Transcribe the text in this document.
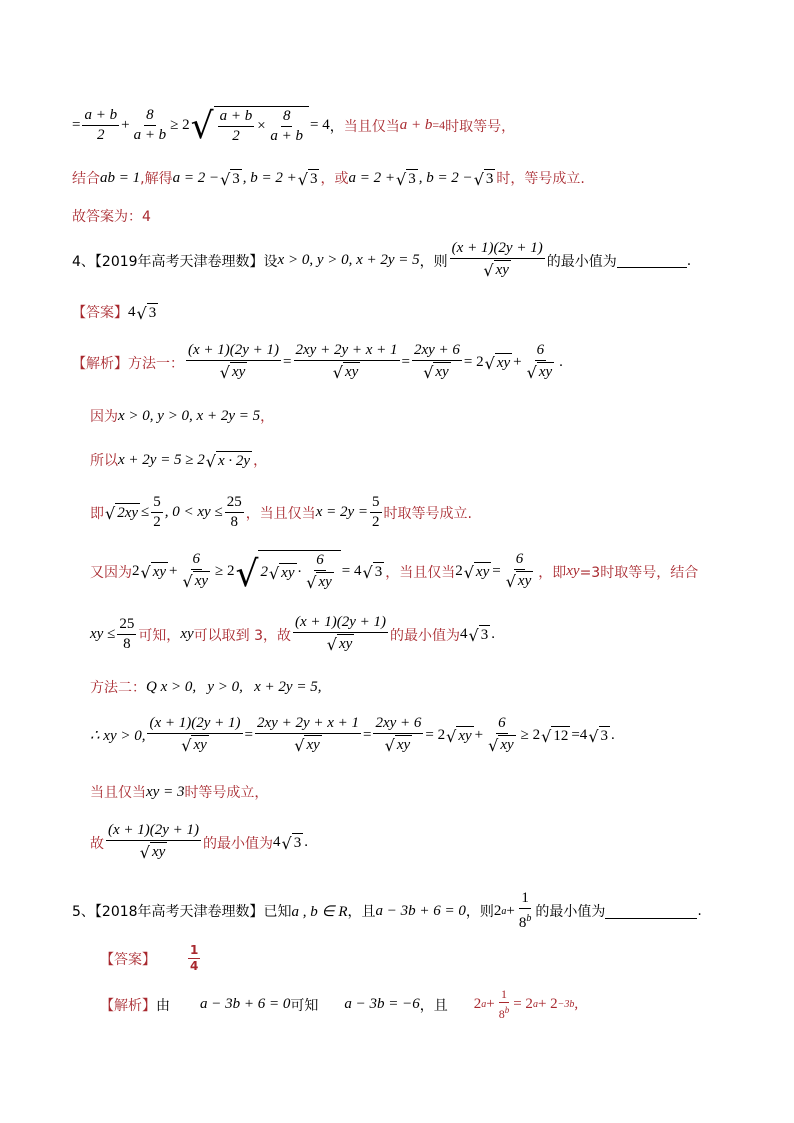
= $\frac{a + b}{2} + \frac{8}{a + b} \ge 2$ √ $\frac{a + b}{2} \times \frac{8}{a + b} = 4$ ， 当且仅当 a + b =4 时取等号，
结合 ab = 1 ,解得 a = 2 − √ 3 , b = 2 + √ 3 ，或 a = 2 + √ 3 , b = 2 − √ 3 时，等号成立.
故答案为：4
4、【2019年高考天津卷理数】设 x > 0, y > 0, x + 2y = 5 ，则 $\frac{(x + 1)(2y + 1)}{√ xy}$ 的最小值为	.
【答案】 4 √ 3
【解析】 方法一： $\frac{(x + 1)(2y + 1)}{√ xy} = \frac{2xy + 2y + x + 1}{√ xy} = \frac{2xy + 6}{√ xy} = 2$ √ xy + $\frac{6}{√ xy}$ .
因为 x > 0, y > 0, x + 2y = 5 ，
所以 x + 2y = 5 ≥ 2 √ x · 2y ，
即 √ $2xy \le \frac{5}{2}$ , 0 < xy ≤ $\frac{25}{8}$ ，当且仅当 $x = 2y = \frac{5}{2}$ 时取等号成立.
又因为 2 √ xy + $\frac{6}{√ xy} \ge 2$ √ 2 √ xy · $\frac{6}{√ xy} = 4$ √ 3 ，当且仅当 2 √ xy = $\frac{6}{√ xy}$ ，即 xy =3时取等号，结合
xy ≤ $\frac{25}{8}$ 可知， xy 可以取到 3，故 $\frac{(x + 1)(2y + 1)}{√ xy}$ 的最小值为 4 √ 3 .
方法二： Q x > 0,   y > 0,   x + 2y = 5,
∴ xy > 0, $\frac{(x + 1)(2y + 1)}{√ xy} = \frac{2xy + 2y + x + 1}{√ xy} = \frac{2xy + 6}{√ xy} = 2$ √ xy + $\frac{6}{√ xy} \ge 2$ √ 12 =4 √ 3 .
当且仅当 xy = 3 时等号成立，
故 $\frac{(x + 1)(2y + 1)}{√ xy}$ 的最小值为 4 √ 3 .
5、【2018年高考天津卷理数】已知 a , b ∈ R ，且 a − 3b + 6 = 0 ，则 2 $a + \frac{1}{8^b}$ 的最小值为	.
【答案】	$\frac{1}{4}$
【解析】 由 a − 3b + 6 = 0 可知 a − 3b = −6 ，且 2 $a + \frac{1}{8^b} = 2$ a + 2 −3b ,
